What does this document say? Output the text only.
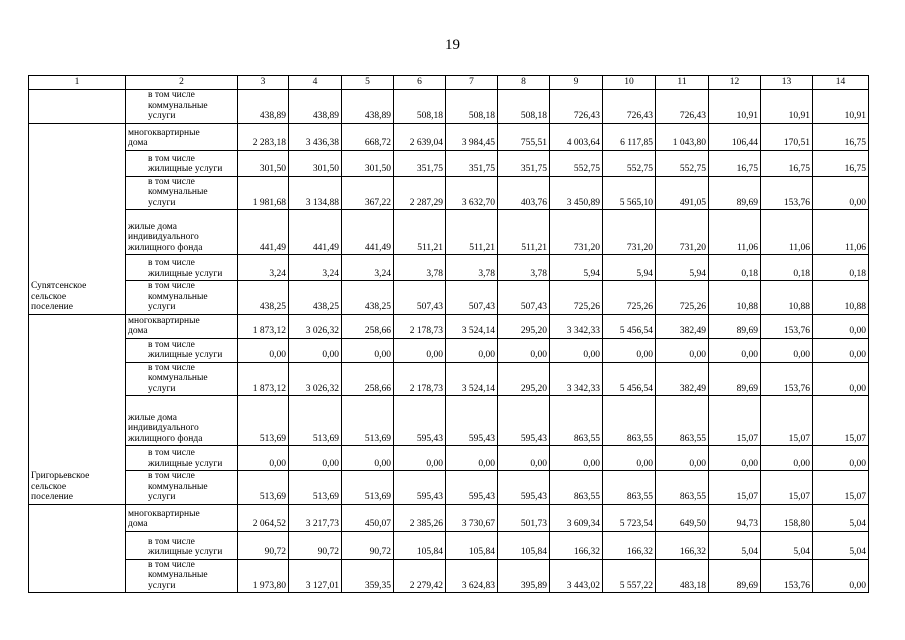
19
1	2	3	4	5	6	7	8	9	10	11	12	13	14
	в том числе
коммунальные услуги	438,89	438,89	438,89	508,18	508,18	508,18	726,43	726,43	726,43	10,91	10,91	10,91

Суnятсенское
сельское
поселение	многоквартирные
дома	2 283,18	3 436,38	668,72	2 639,04	3 984,45	755,51	4 003,64	6 117,85	1 043,80	106,44	170,51	16,75
	в том числе
жилищные услуги	301,50	301,50	301,50	351,75	351,75	351,75	552,75	552,75	552,75	16,75	16,75	16,75
	в том числе
коммунальные услуги	1 981,68	3 134,88	367,22	2 287,29	3 632,70	403,76	3 450,89	5 565,10	491,05	89,69	153,76	0,00
	жилые дома
индивидуального
жилищного фонда	441,49	441,49	441,49	511,21	511,21	511,21	731,20	731,20	731,20	11,06	11,06	11,06
	в том числе
жилищные услуги	3,24	3,24	3,24	3,78	3,78	3,78	5,94	5,94	5,94	0,18	0,18	0,18
	в том числе
коммунальные услуги	438,25	438,25	438,25	507,43	507,43	507,43	725,26	725,26	725,26	10,88	10,88	10,88

Григорьевское
сельское
поселение	многоквартирные
дома	1 873,12	3 026,32	258,66	2 178,73	3 524,14	295,20	3 342,33	5 456,54	382,49	89,69	153,76	0,00
	в том числе
жилищные услуги	0,00	0,00	0,00	0,00	0,00	0,00	0,00	0,00	0,00	0,00	0,00	0,00
	в том числе
коммунальные услуги	1 873,12	3 026,32	258,66	2 178,73	3 524,14	295,20	3 342,33	5 456,54	382,49	89,69	153,76	0,00
	жилые дома
индивидуального
жилищного фонда	513,69	513,69	513,69	595,43	595,43	595,43	863,55	863,55	863,55	15,07	15,07	15,07
	в том числе
жилищные услуги	0,00	0,00	0,00	0,00	0,00	0,00	0,00	0,00	0,00	0,00	0,00	0,00
	в том числе
коммунальные услуги	513,69	513,69	513,69	595,43	595,43	595,43	863,55	863,55	863,55	15,07	15,07	15,07
	многоквартирные
дома	2 064,52	3 217,73	450,07	2 385,26	3 730,67	501,73	3 609,34	5 723,54	649,50	94,73	158,80	5,04
	в том числе
жилищные услуги	90,72	90,72	90,72	105,84	105,84	105,84	166,32	166,32	166,32	5,04	5,04	5,04
	в том числе
коммунальные услуги	1 973,80	3 127,01	359,35	2 279,42	3 624,83	395,89	3 443,02	5 557,22	483,18	89,69	153,76	0,00
